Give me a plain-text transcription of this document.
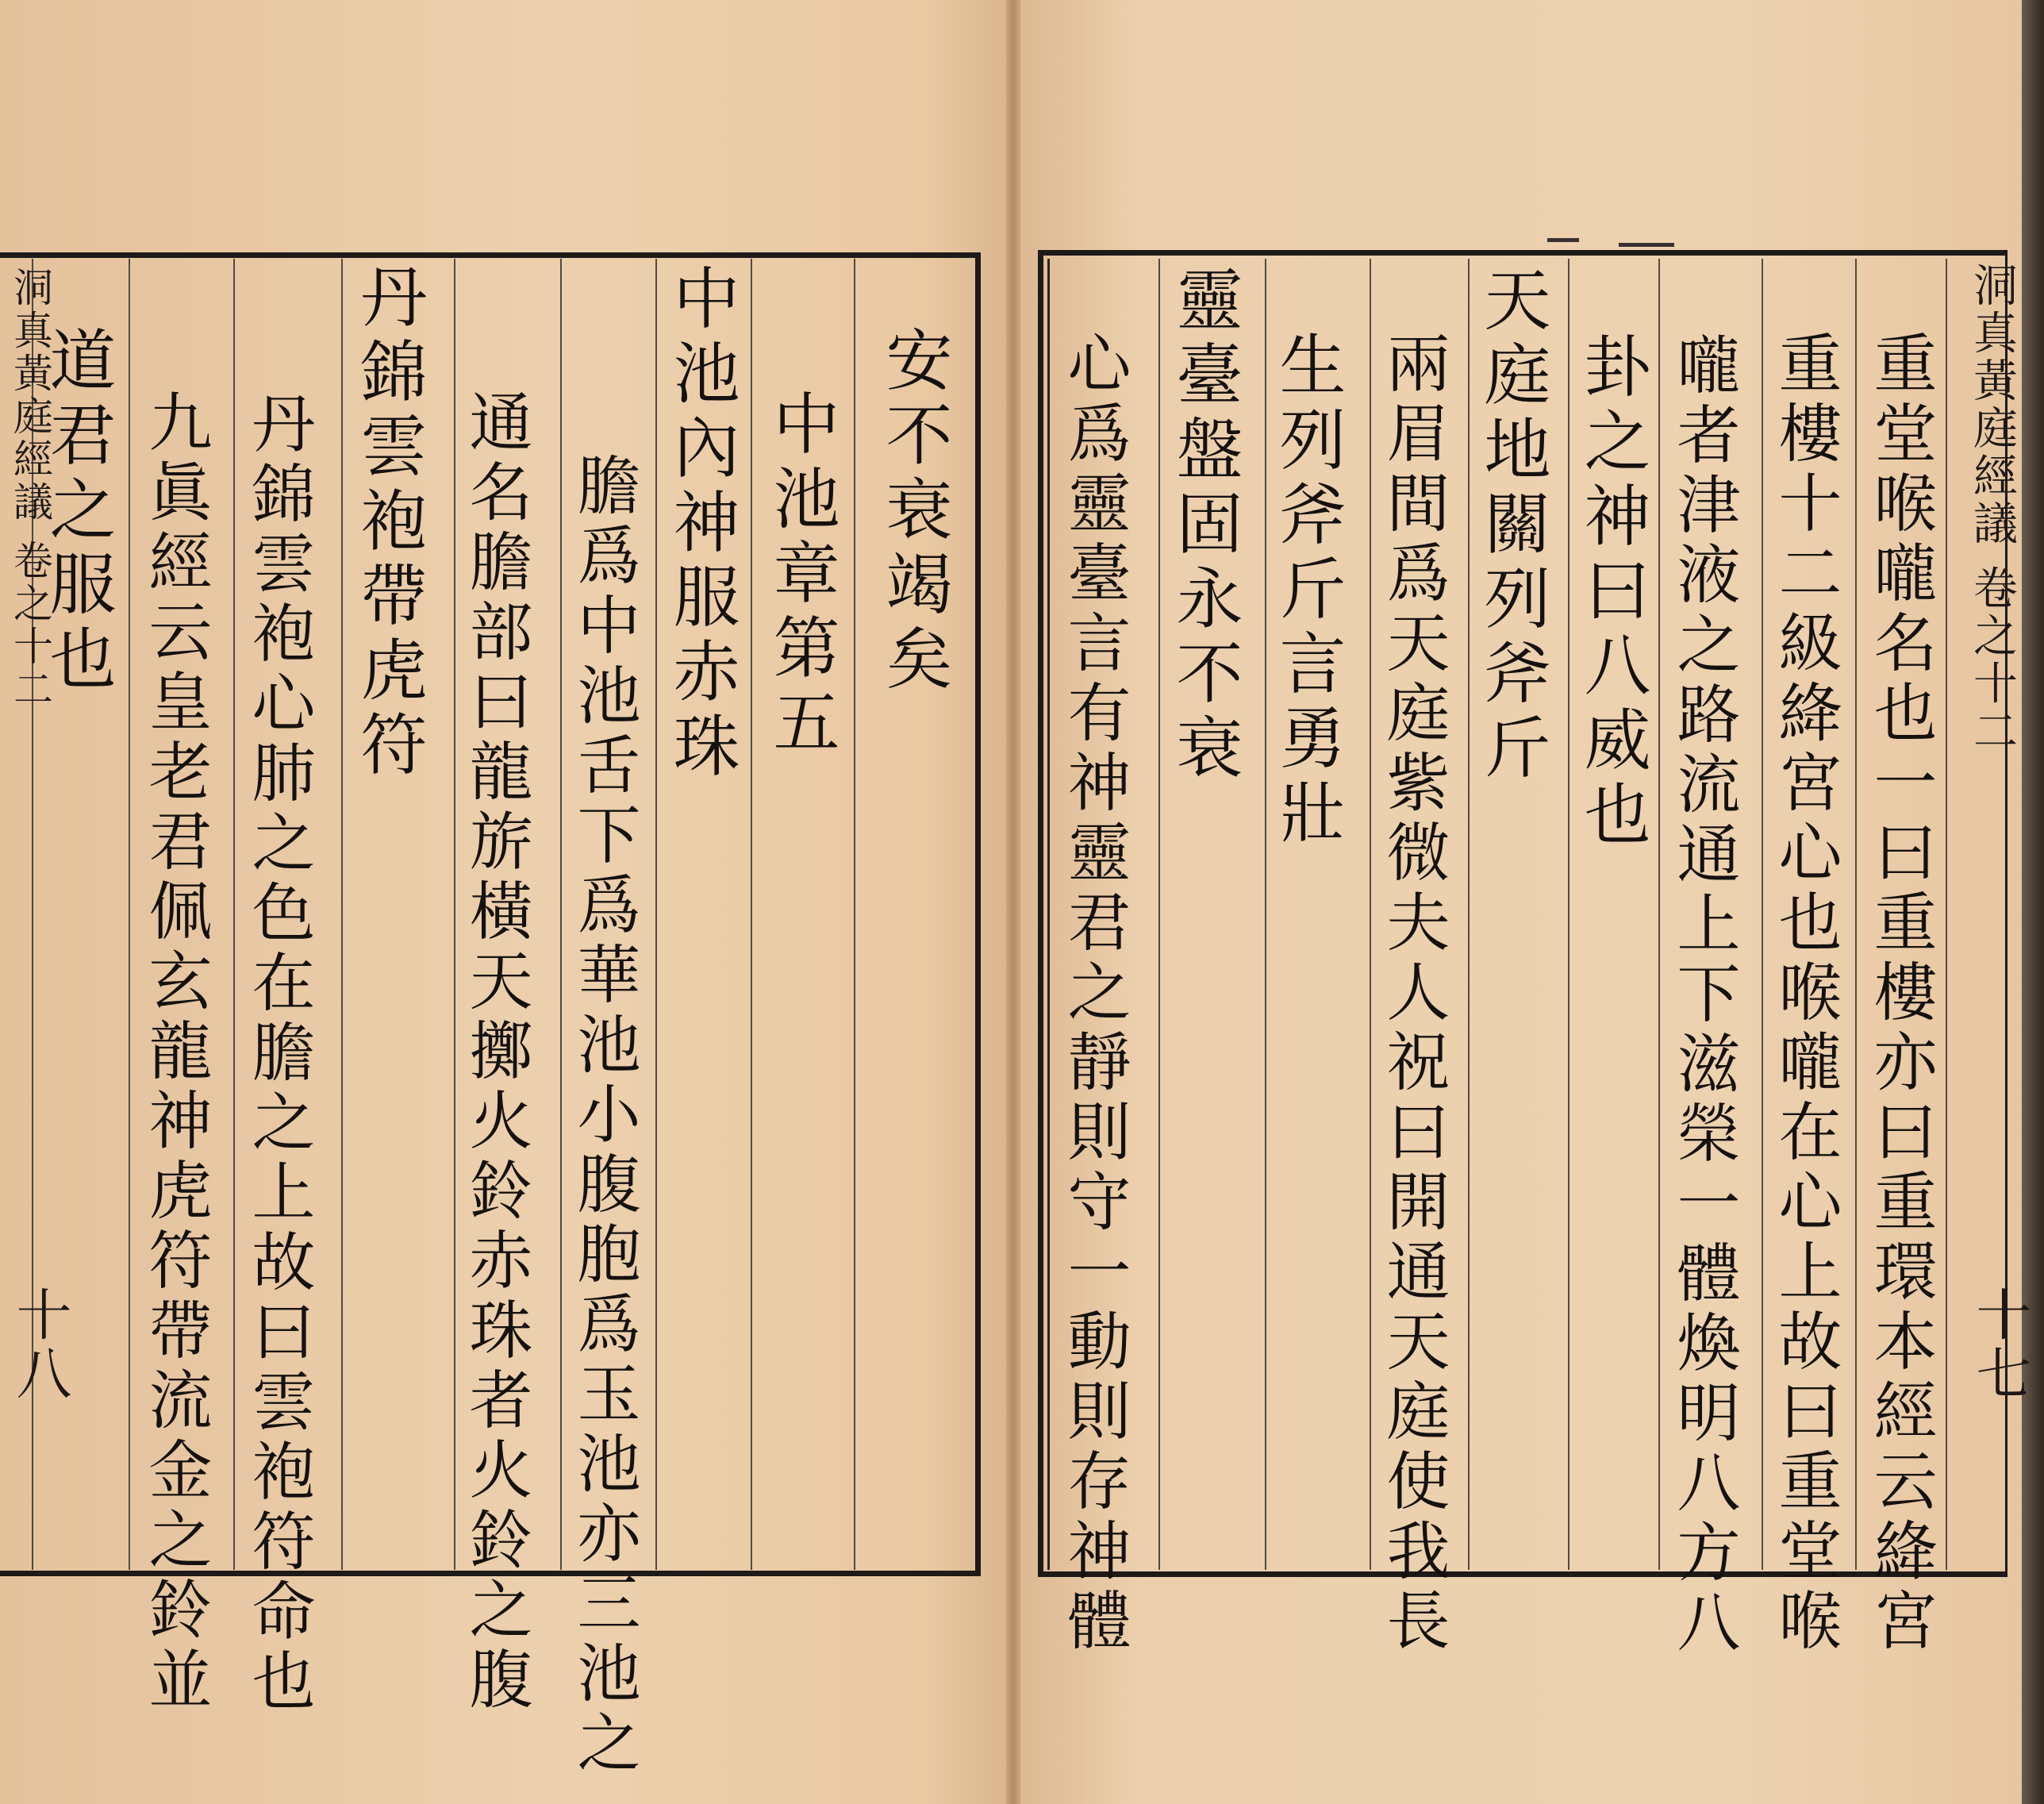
安不衰竭矣
中池章第五
中池內神服赤珠
膽爲中池舌下爲華池小腹胞爲玉池亦三池之
通名膽部曰龍旂橫天擲火鈴赤珠者火鈴之腹
丹錦雲袍帶虎符
丹錦雲袍心肺之色在膽之上故曰雲袍符命也
九眞經云皇老君佩玄龍神虎符帶流金之鈴並
道君之服也
洞真黃庭經議 卷之十二
十八	重堂喉嚨名也一曰重樓亦曰重環本經云絳宮
重樓十二級絳宮心也喉嚨在心上故曰重堂喉
嚨者津液之路流通上下滋榮一體煥明八方八
卦之神曰八威也
天庭地關列斧斤
兩眉間爲天庭紫微夫人祝曰開通天庭使我長
生列斧斤言勇壯
靈臺盤固永不衰
心爲靈臺言有神靈君之靜則守一動則存神體	洞真黃庭經議 卷之十二
十七
